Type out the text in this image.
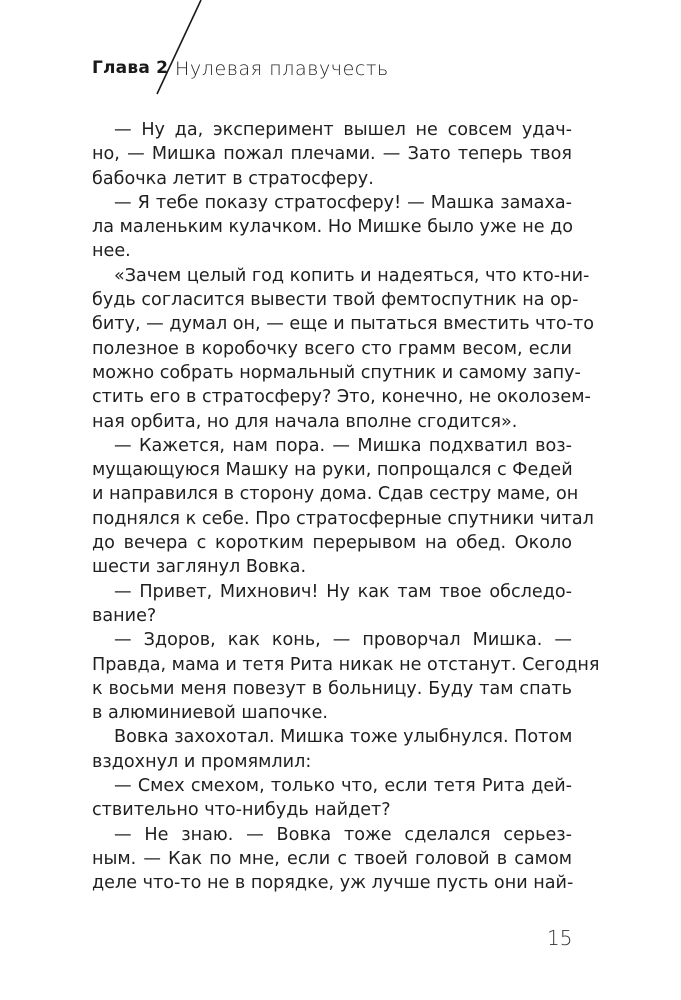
Глава 2 Нулевая плавучесть
— Ну да, эксперимент вышел не совсем удач-
но, — Мишка пожал плечами. — Зато теперь твоя
бабочка летит в стратосферу.
— Я тебе показу стратосферу! — Машка замаха-
ла маленьким кулачком. Но Мишке было уже не до
нее.
«Зачем целый год копить и надеяться, что кто-ни-
будь согласится вывести твой фемтоспутник на ор-
биту, — думал он, — еще и пытаться вместить что-то
полезное в коробочку всего сто грамм весом, если
можно собрать нормальный спутник и самому запу-
стить его в стратосферу? Это, конечно, не околозем-
ная орбита, но для начала вполне сгодится».
— Кажется, нам пора. — Мишка подхватил воз-
мущающуюся Машку на руки, попрощался с Федей
и направился в сторону дома. Сдав сестру маме, он
поднялся к себе. Про стратосферные спутники читал
до вечера с коротким перерывом на обед. Около
шести заглянул Вовка.
— Привет, Михнович! Ну как там твое обследо-
вание?
— Здоров, как конь, — проворчал Мишка. —
Правда, мама и тетя Рита никак не отстанут. Сегодня
к восьми меня повезут в больницу. Буду там спать
в алюминиевой шапочке.
Вовка захохотал. Мишка тоже улыбнулся. Потом
вздохнул и промямлил:
— Смех смехом, только что, если тетя Рита дей-
ствительно что-нибудь найдет?
— Не знаю. — Вовка тоже сделался серьез-
ным. — Как по мне, если с твоей головой в самом
деле что-то не в порядке, уж лучше пусть они най-
15
